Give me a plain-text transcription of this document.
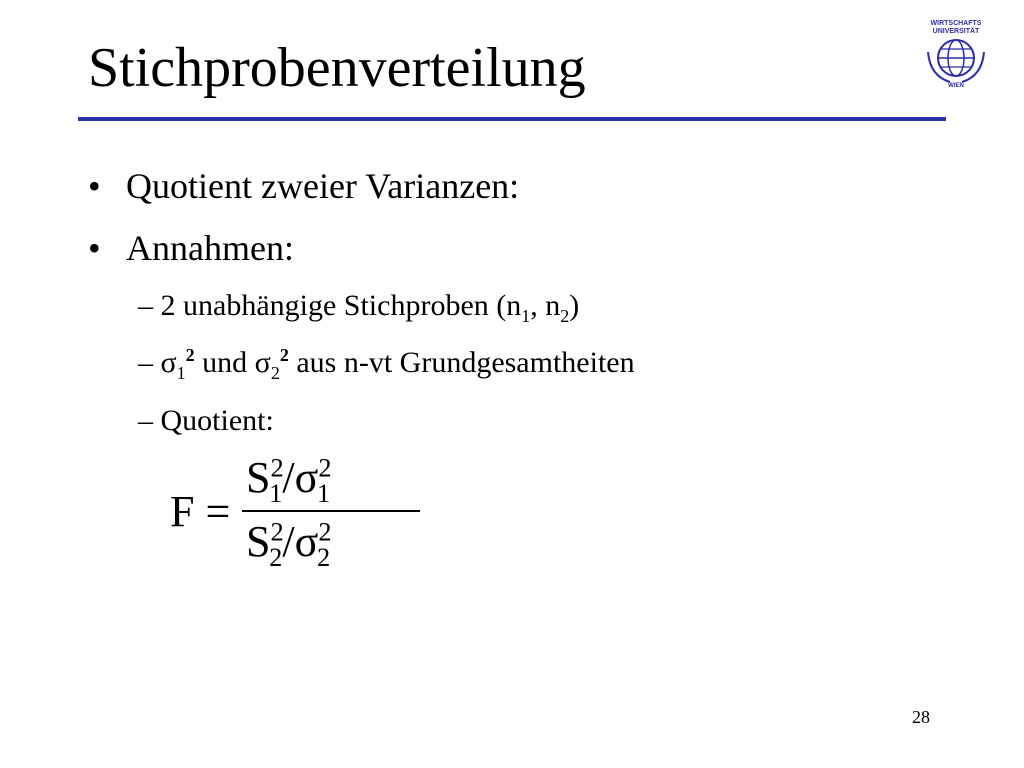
Stichprobenverteilung
WIRTSCHAFTS
UNIVERSITÄT
WIEN
• Quotient zweier Varianzen:
• Annahmen:
– 2 unabhängige Stichproben ($n_1$, $n_2$)
– $\sigma_1^2$ und $\sigma_2^2$ aus n-vt Grundgesamtheiten
– Quotient:
F =
$S^2_1/\sigma^2_1$
$S^2_2/\sigma^2_2$
28
